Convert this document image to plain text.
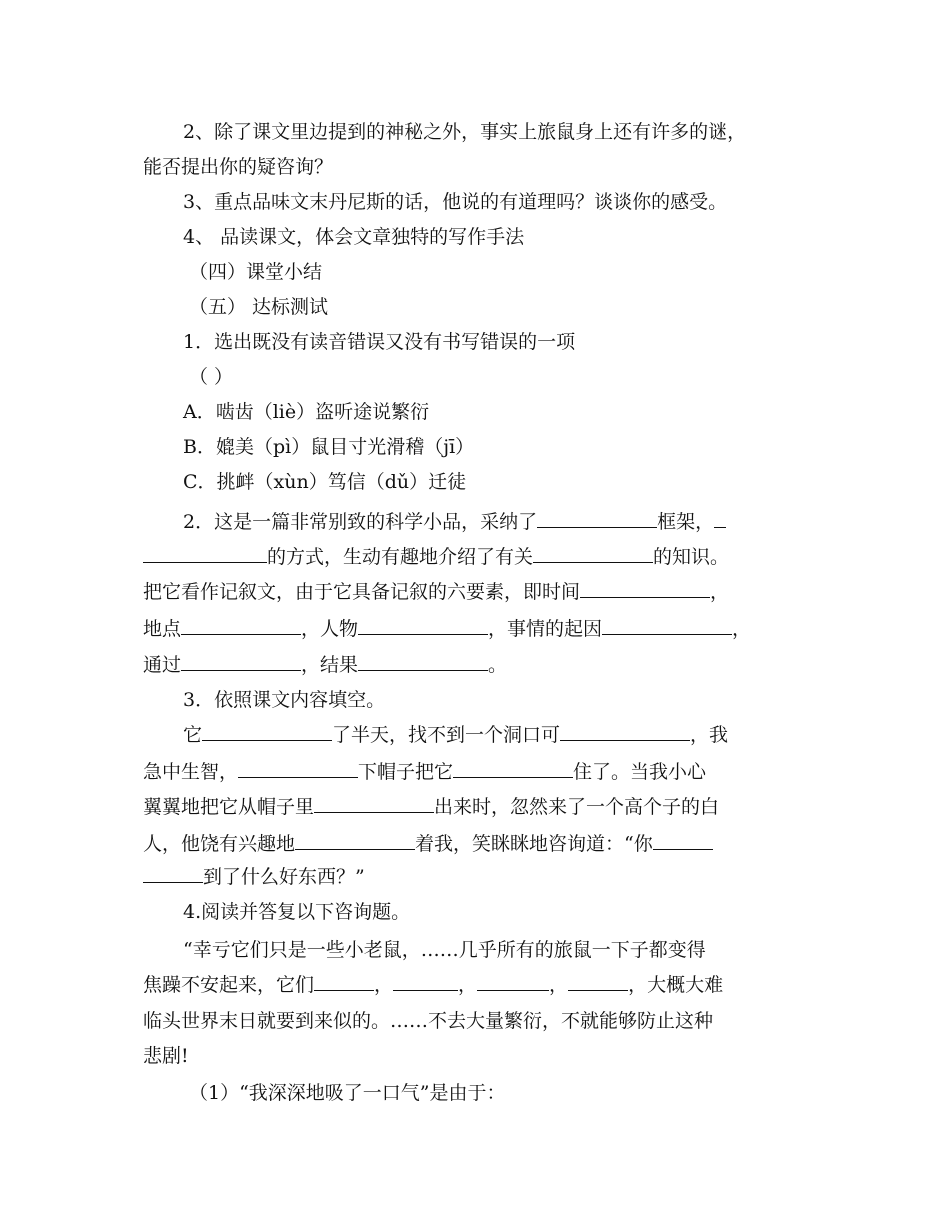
2、除了课文里边提到的神秘之外，事实上旅鼠身上还有许多的谜，
能否提出你的疑咨询？
3、重点品味文末丹尼斯的话，他说的有道理吗？谈谈你的感受。
4、 品读课文，体会文章独特的写作手法
（四）课堂小结
（五） 达标测试
1．选出既没有读音错误又没有书写错误的一项
（ ）
A．啮齿（liè）盗听途说繁衍
B．媲美（pì）鼠目寸光滑稽（jī）
C．挑衅（xùn）笃信（dǔ）迁徒
2．这是一篇非常别致的科学小品，采纳了	框架，
的方式，生动有趣地介绍了有关	的知识。
把它看作记叙文，由于它具备记叙的六要素，即时间	，
地点	，人物	，事情的起因	，
通过	，结果	。
3．依照课文内容填空。
它	了半天，找不到一个洞口可	，我
急中生智，	下帽子把它	住了。当我小心
翼翼地把它从帽子里	出来时，忽然来了一个高个子的白
人，他饶有兴趣地	着我，笑眯眯地咨询道：“你
到了什么好东西？”
4.阅读并答复以下咨询题。
“幸亏它们只是一些小老鼠，……几乎所有的旅鼠一下子都变得
焦躁不安起来，它们	，	，	，	，大概大难
临头世界末日就要到来似的。……不去大量繁衍，不就能够防止这种
悲剧!
（1）“我深深地吸了一口气”是由于：
